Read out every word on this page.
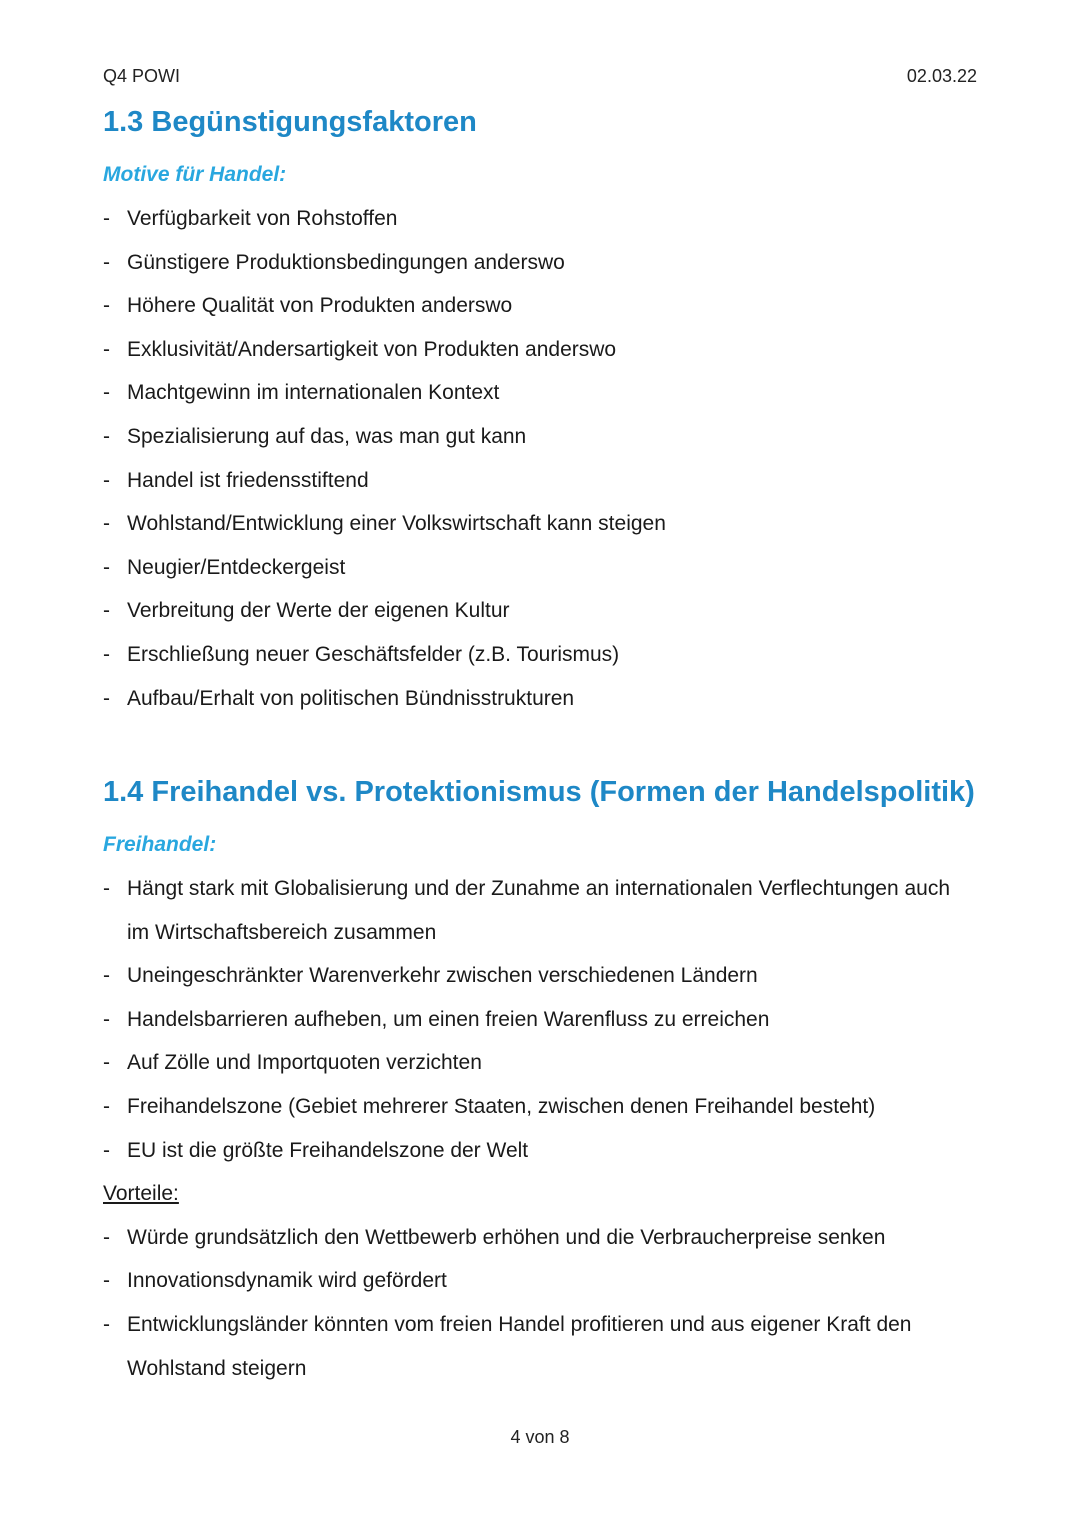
Q4 POWI	02.03.22
1.3 Begünstigungsfaktoren

Motive für Handel:

- Verfügbarkeit von Rohstoffen
- Günstigere Produktionsbedingungen anderswo
- Höhere Qualität von Produkten anderswo
- Exklusivität/Andersartigkeit von Produkten anderswo
- Machtgewinn im internationalen Kontext
- Spezialisierung auf das, was man gut kann
- Handel ist friedensstiftend
- Wohlstand/Entwicklung einer Volkswirtschaft kann steigen
- Neugier/Entdeckergeist
- Verbreitung der Werte der eigenen Kultur
- Erschließung neuer Geschäftsfelder (z.B. Tourismus)
- Aufbau/Erhalt von politischen Bündnisstrukturen
1.4 Freihandel vs. Protektionismus (Formen der Handelspolitik)

Freihandel:

- Hängt stark mit Globalisierung und der Zunahme an internationalen Verflechtungen auch im Wirtschaftsbereich zusammen
- Uneingeschränkter Warenverkehr zwischen verschiedenen Ländern
- Handelsbarrieren aufheben, um einen freien Warenfluss zu erreichen
- Auf Zölle und Importquoten verzichten
- Freihandelszone (Gebiet mehrerer Staaten, zwischen denen Freihandel besteht)
- EU ist die größte Freihandelszone der Welt

Vorteile:

- Würde grundsätzlich den Wettbewerb erhöhen und die Verbraucherpreise senken
- Innovationsdynamik wird gefördert
- Entwicklungsländer könnten vom freien Handel profitieren und aus eigener Kraft den Wohlstand steigern
4 von 8
